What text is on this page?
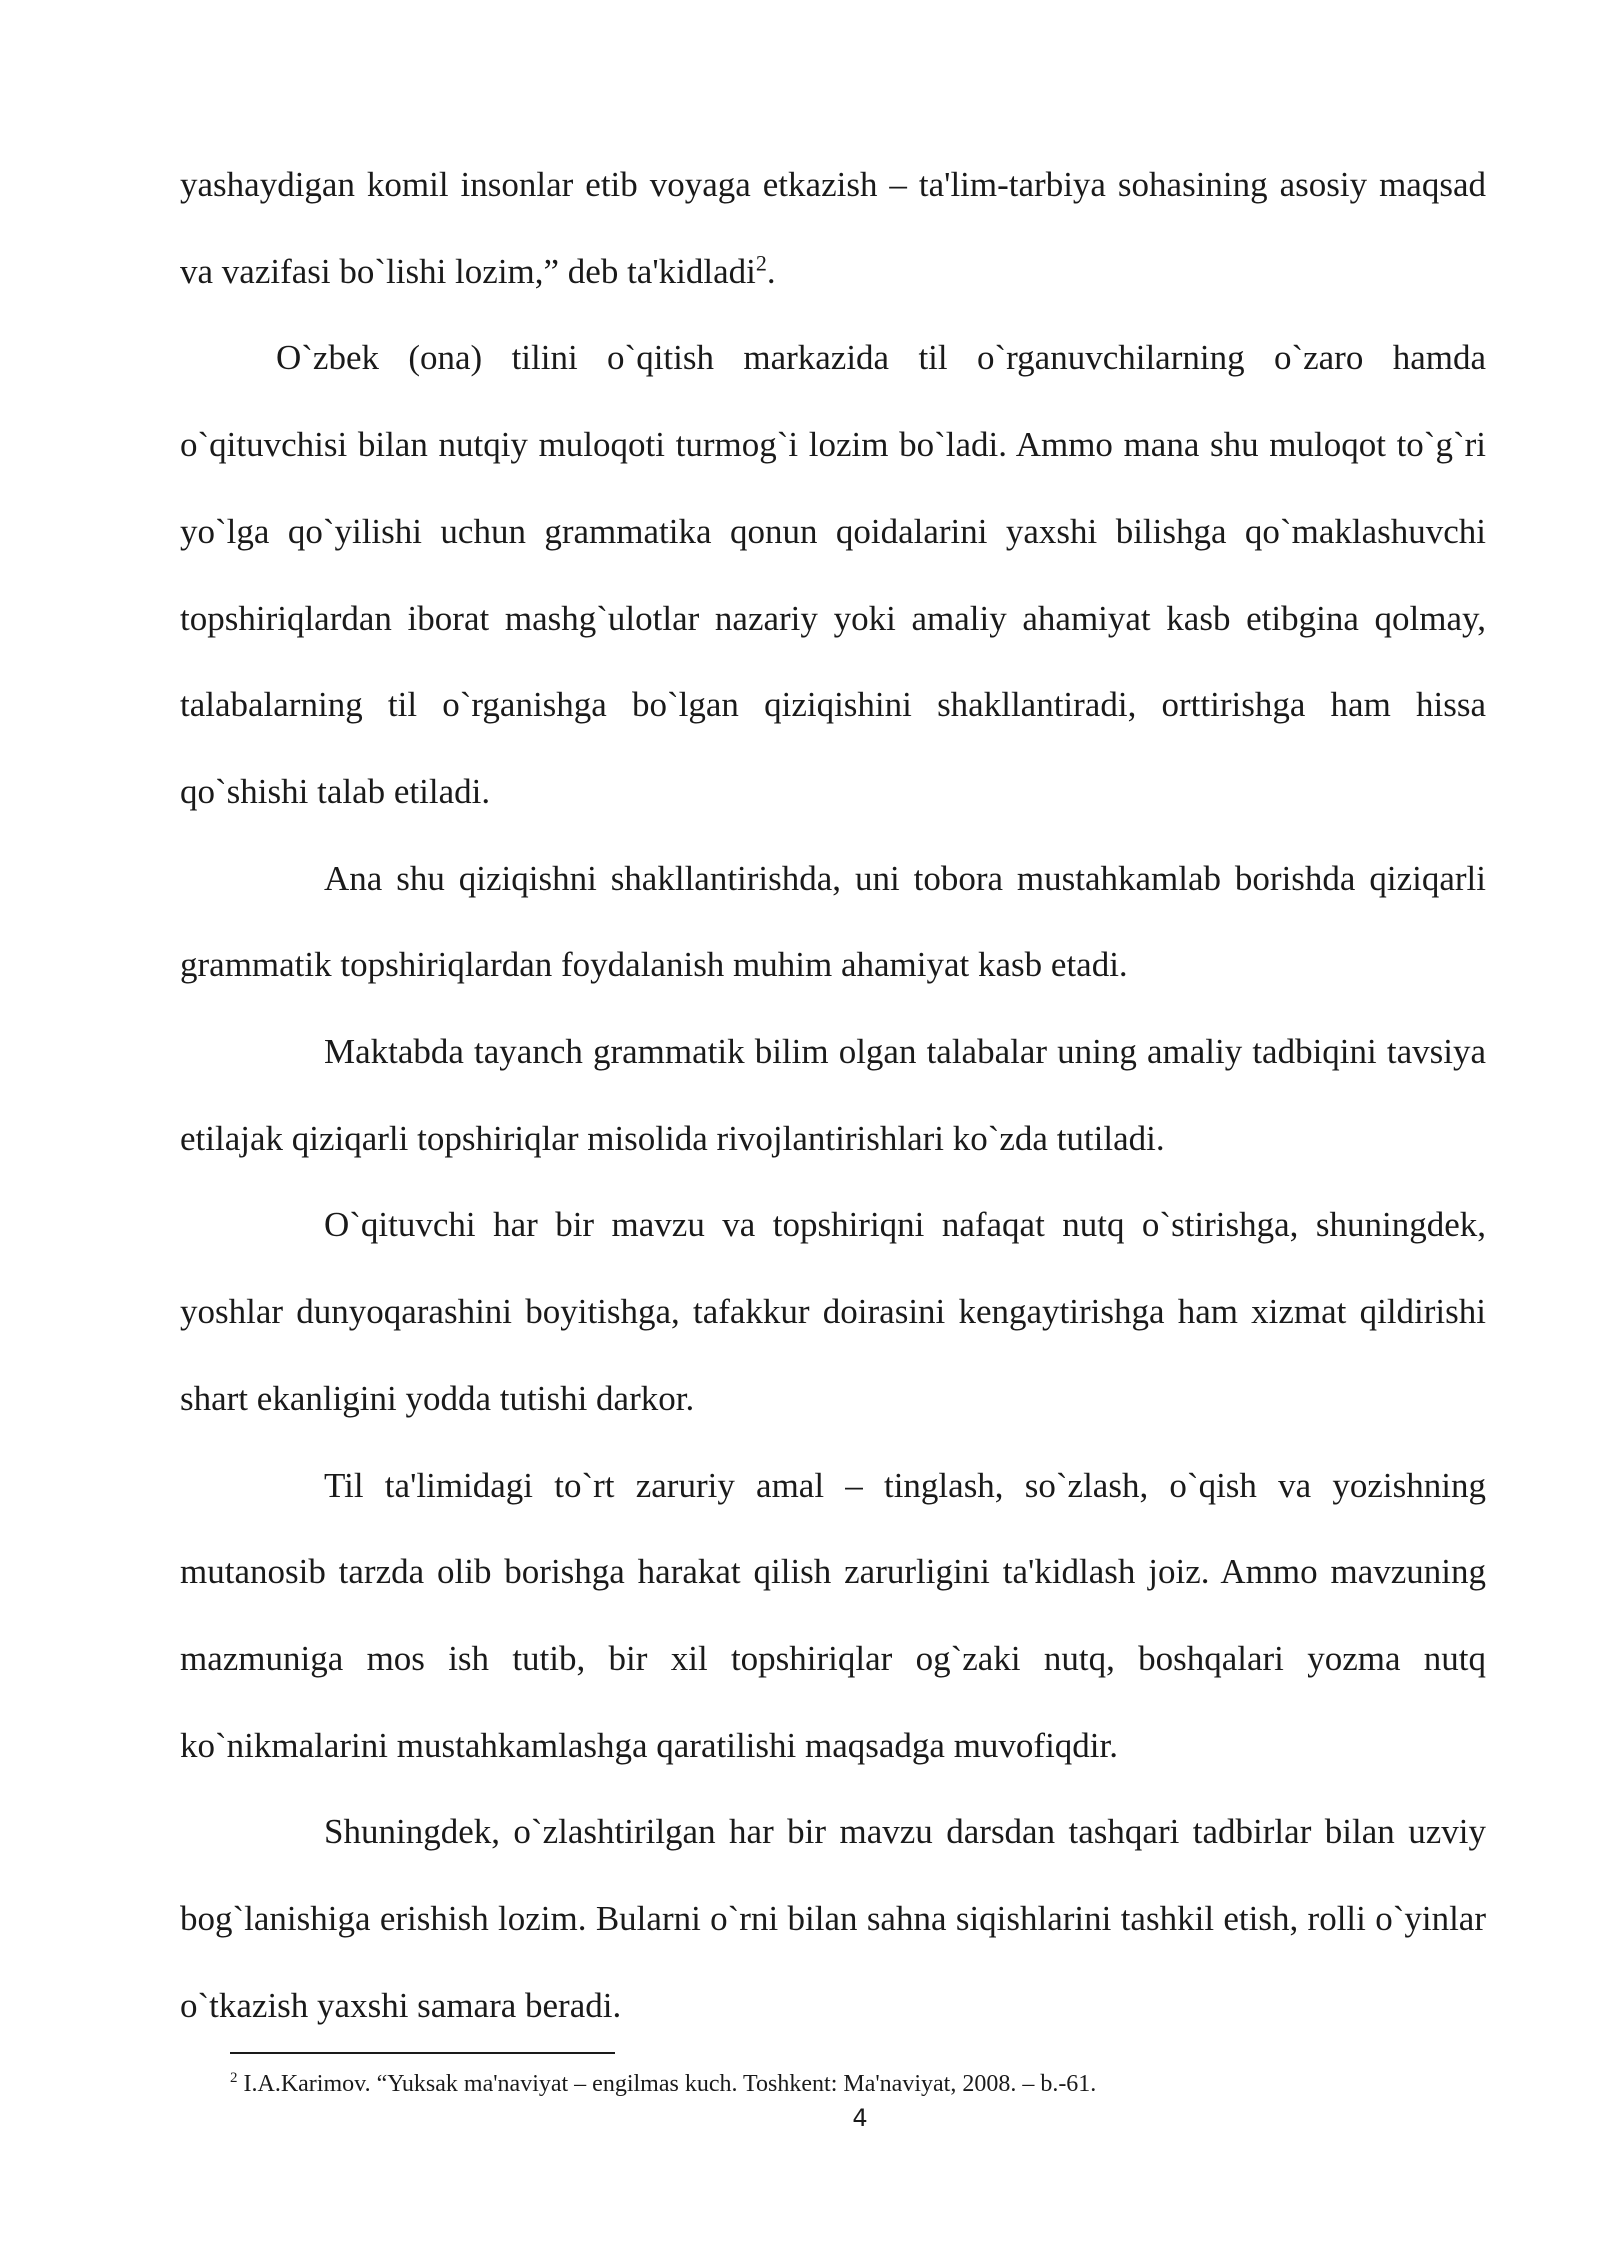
yashaydigan komil insonlar etib voyaga etkazish – ta'lim-tarbiya sohasining asosiy maqsad va vazifasi bo`lishi lozim,” deb ta'kidladi$^2$.

O`zbek (ona) tilini o`qitish markazida til o`rganuvchilarning o`zaro hamda o`qituvchisi bilan nutqiy muloqoti turmog`i lozim bo`ladi. Ammo mana shu muloqot to`g`ri yo`lga qo`yilishi uchun grammatika qonun qoidalarini yaxshi bilishga qo`maklashuvchi topshiriqlardan iborat mashg`ulotlar nazariy yoki amaliy ahamiyat kasb etibgina qolmay, talabalarning til o`rganishga bo`lgan qiziqishini shakllantiradi, orttirishga ham hissa qo`shishi talab etiladi.

Ana shu qiziqishni shakllantirishda, uni tobora mustahkamlab borishda qiziqarli grammatik topshiriqlardan foydalanish muhim ahamiyat kasb etadi.

Maktabda tayanch grammatik bilim olgan talabalar uning amaliy tadbiqini tavsiya etilajak qiziqarli topshiriqlar misolida rivojlantirishlari ko`zda tutiladi.

O`qituvchi har bir mavzu va topshiriqni nafaqat nutq o`stirishga, shuningdek, yoshlar dunyoqarashini boyitishga, tafakkur doirasini kengaytirishga ham xizmat qildirishi shart ekanligini yodda tutishi darkor.

Til ta'limidagi to`rt zaruriy amal – tinglash, so`zlash, o`qish va yozishning mutanosib tarzda olib borishga harakat qilish zarurligini ta'kidlash joiz. Ammo mavzuning mazmuniga mos ish tutib, bir xil topshiriqlar og`zaki nutq, boshqalari yozma nutq ko`nikmalarini mustahkamlashga qaratilishi maqsadga muvofiqdir.

Shuningdek, o`zlashtirilgan har bir mavzu darsdan tashqari tadbirlar bilan uzviy bog`lanishiga erishish lozim. Bularni o`rni bilan sahna siqishlarini tashkil etish, rolli o`yinlar o`tkazish yaxshi samara beradi.

$^2$ I.A.Karimov. “Yuksak ma'naviyat – engilmas kuch. Toshkent: Ma'naviyat, 2008. – b.-61.
4
